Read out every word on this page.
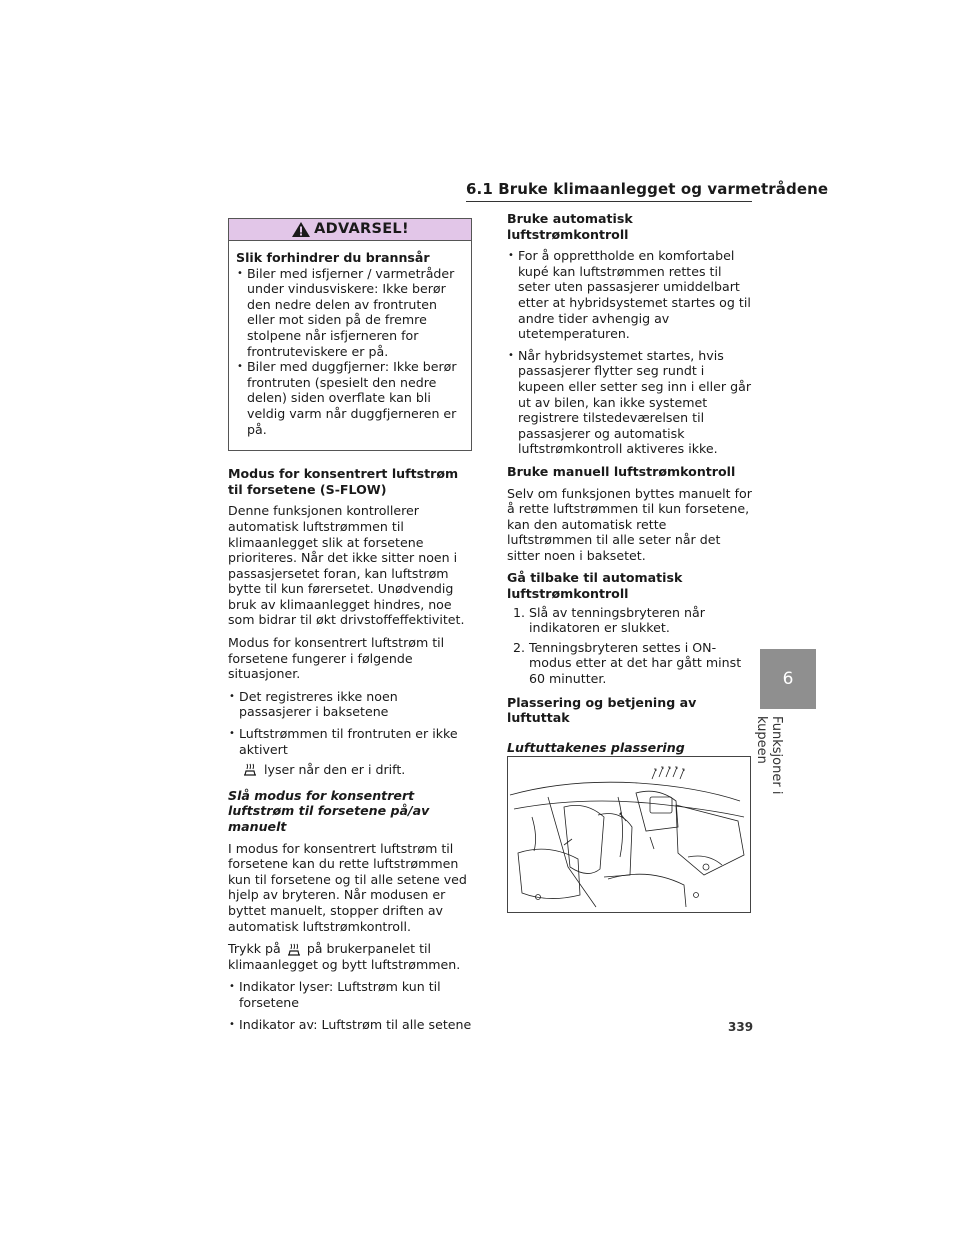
6.1 Bruke klimaanlegget og varmetrådene
ADVARSEL!
Slik forhindrer du brannsår
• Biler med isfjerner / varmetråder under vindusviskere: Ikke berør den nedre delen av frontruten eller mot siden på de fremre stolpene når isfjerneren for frontruteviskere er på.
• Biler med duggfjerner: Ikke berør frontruten (spesielt den nedre delen) siden overflate kan bli veldig varm når duggfjerneren er på.
Modus for konsentrert luftstrøm til forsetene (S-FLOW)

Denne funksjonen kontrollerer automatisk luftstrømmen til klimaanlegget slik at forsetene prioriteres. Når det ikke sitter noen i passasjersetet foran, kan luftstrøm bytte til kun førersetet. Unødvendig bruk av klimaanlegget hindres, noe som bidrar til økt drivstoffeffektivitet.

Modus for konsentrert luftstrøm til forsetene fungerer i følgende situasjoner.

• Det registreres ikke noen passasjerer i baksetene
• Luftstrømmen til frontruten er ikke aktivert
lyser når den er i drift.
Slå modus for konsentrert luftstrøm til forsetene på/av manuelt

I modus for konsentrert luftstrøm til forsetene kan du rette luftstrømmen kun til forsetene og til alle setene ved hjelp av bryteren. Når modusen er byttet manuelt, stopper driften av automatisk luftstrømkontroll.

Trykk på på brukerpanelet til klimaanlegget og bytt luftstrømmen.

• Indikator lyser: Luftstrøm kun til forsetene
• Indikator av: Luftstrøm til alle setene
Bruke automatisk luftstrømkontroll
• For å opprettholde en komfortabel kupé kan luftstrømmen rettes til seter uten passasjerer umiddelbart etter at hybridsystemet startes og til andre tider avhengig av utetemperaturen.
• Når hybridsystemet startes, hvis passasjerer flytter seg rundt i kupeen eller setter seg inn i eller går ut av bilen, kan ikke systemet registrere tilstedeværelsen til passasjerer og automatisk luftstrømkontroll aktiveres ikke.
Bruke manuell luftstrømkontroll

Selv om funksjonen byttes manuelt for å rette luftstrømmen til kun forsetene, kan den automatisk rette luftstrømmen til alle seter når det sitter noen i baksetet.

Gå tilbake til automatisk luftstrømkontroll
1. Slå av tenningsbryteren når indikatoren er slukket.
2. Tenningsbryteren settes i ON-modus etter at det har gått minst 60 minutter.
Plassering og betjening av luftuttak
Luftuttakenes plassering

6
Funksjoner i kupeen
339
